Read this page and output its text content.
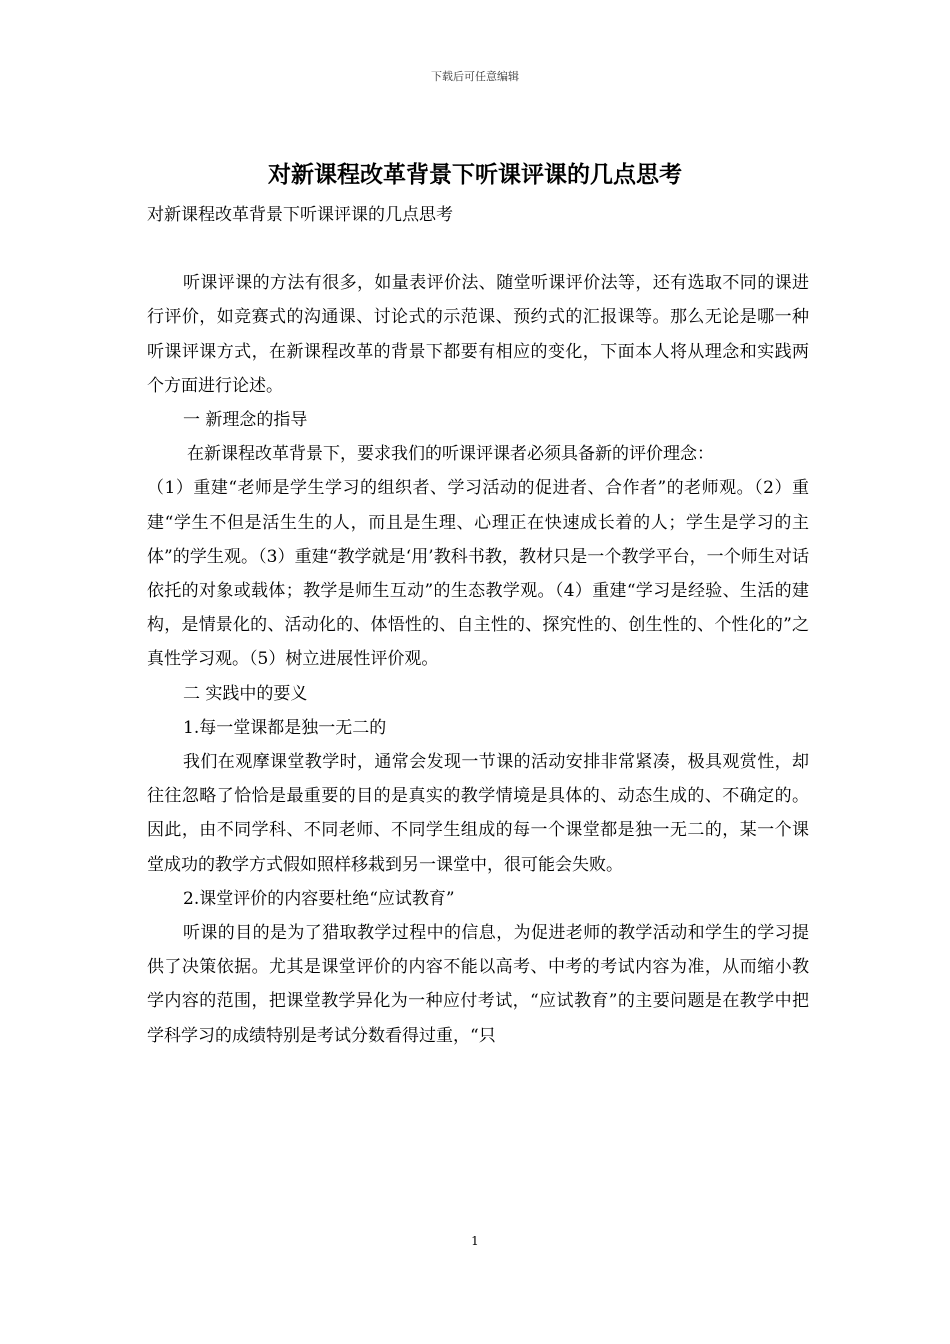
下载后可任意编辑
对新课程改革背景下听课评课的几点思考

对新课程改革背景下听课评课的几点思考

听课评课的方法有很多，如量表评价法、随堂听课评价法等，还有选取不同的课进行评价，如竞赛式的沟通课、讨论式的示范课、预约式的汇报课等。那么无论是哪一种听课评课方式，在新课程改革的背景下都要有相应的变化，下面本人将从理念和实践两个方面进行论述。

一 新理念的指导

在新课程改革背景下，要求我们的听课评课者必须具备新的评价理念：

（1）重建“老师是学生学习的组织者、学习活动的促进者、合作者”的老师观。（2）重建“学生不但是活生生的人，而且是生理、心理正在快速成长着的人；学生是学习的主体”的学生观。（3）重建“教学就是‘用’教科书教，教材只是一个教学平台，一个师生对话依托的对象或载体；教学是师生互动”的生态教学观。（4）重建“学习是经验、生活的建构，是情景化的、活动化的、体悟性的、自主性的、探究性的、创生性的、个性化的”之真性学习观。（5）树立进展性评价观。

二 实践中的要义

1.每一堂课都是独一无二的

我们在观摩课堂教学时，通常会发现一节课的活动安排非常紧凑，极具观赏性，却往往忽略了恰恰是最重要的目的是真实的教学情境是具体的、动态生成的、不确定的。因此，由不同学科、不同老师、不同学生组成的每一个课堂都是独一无二的，某一个课堂成功的教学方式假如照样移栽到另一课堂中，很可能会失败。

2.课堂评价的内容要杜绝“应试教育”

听课的目的是为了猎取教学过程中的信息，为促进老师的教学活动和学生的学习提供了决策依据。尤其是课堂评价的内容不能以高考、中考的考试内容为准，从而缩小教学内容的范围，把课堂教学异化为一种应付考试，“应试教育”的主要问题是在教学中把学科学习的成绩特别是考试分数看得过重，“只

1
